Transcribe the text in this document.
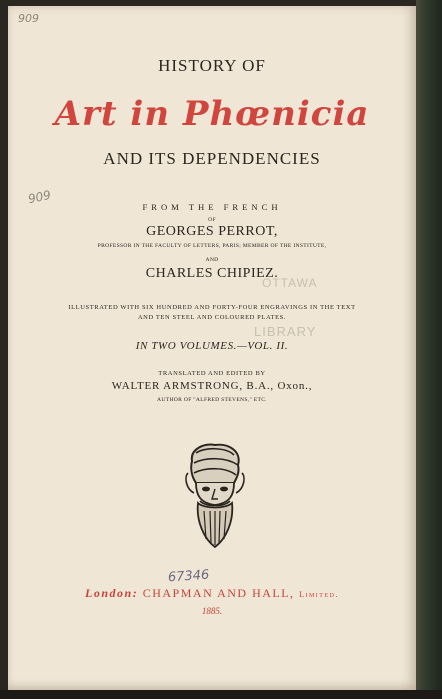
909
909
HISTORY OF
Art in Phœnicia
AND ITS DEPENDENCIES
FROM THE FRENCH
OF
GEORGES PERROT,
PROFESSOR IN THE FACULTY OF LETTERS, PARIS; MEMBER OF THE INSTITUTE,
AND
CHARLES CHIPIEZ.
OTTAWA
LIBRARY
ILLUSTRATED WITH SIX HUNDRED AND FORTY-FOUR ENGRAVINGS IN THE TEXT
AND TEN STEEL AND COLOURED PLATES.
IN TWO VOLUMES.—VOL. II.
TRANSLATED AND EDITED BY
WALTER ARMSTRONG, B.A., Oxon.,
AUTHOR OF "ALFRED STEVENS," ETC.
67346
London: CHAPMAN AND HALL, Limited.
1885.
